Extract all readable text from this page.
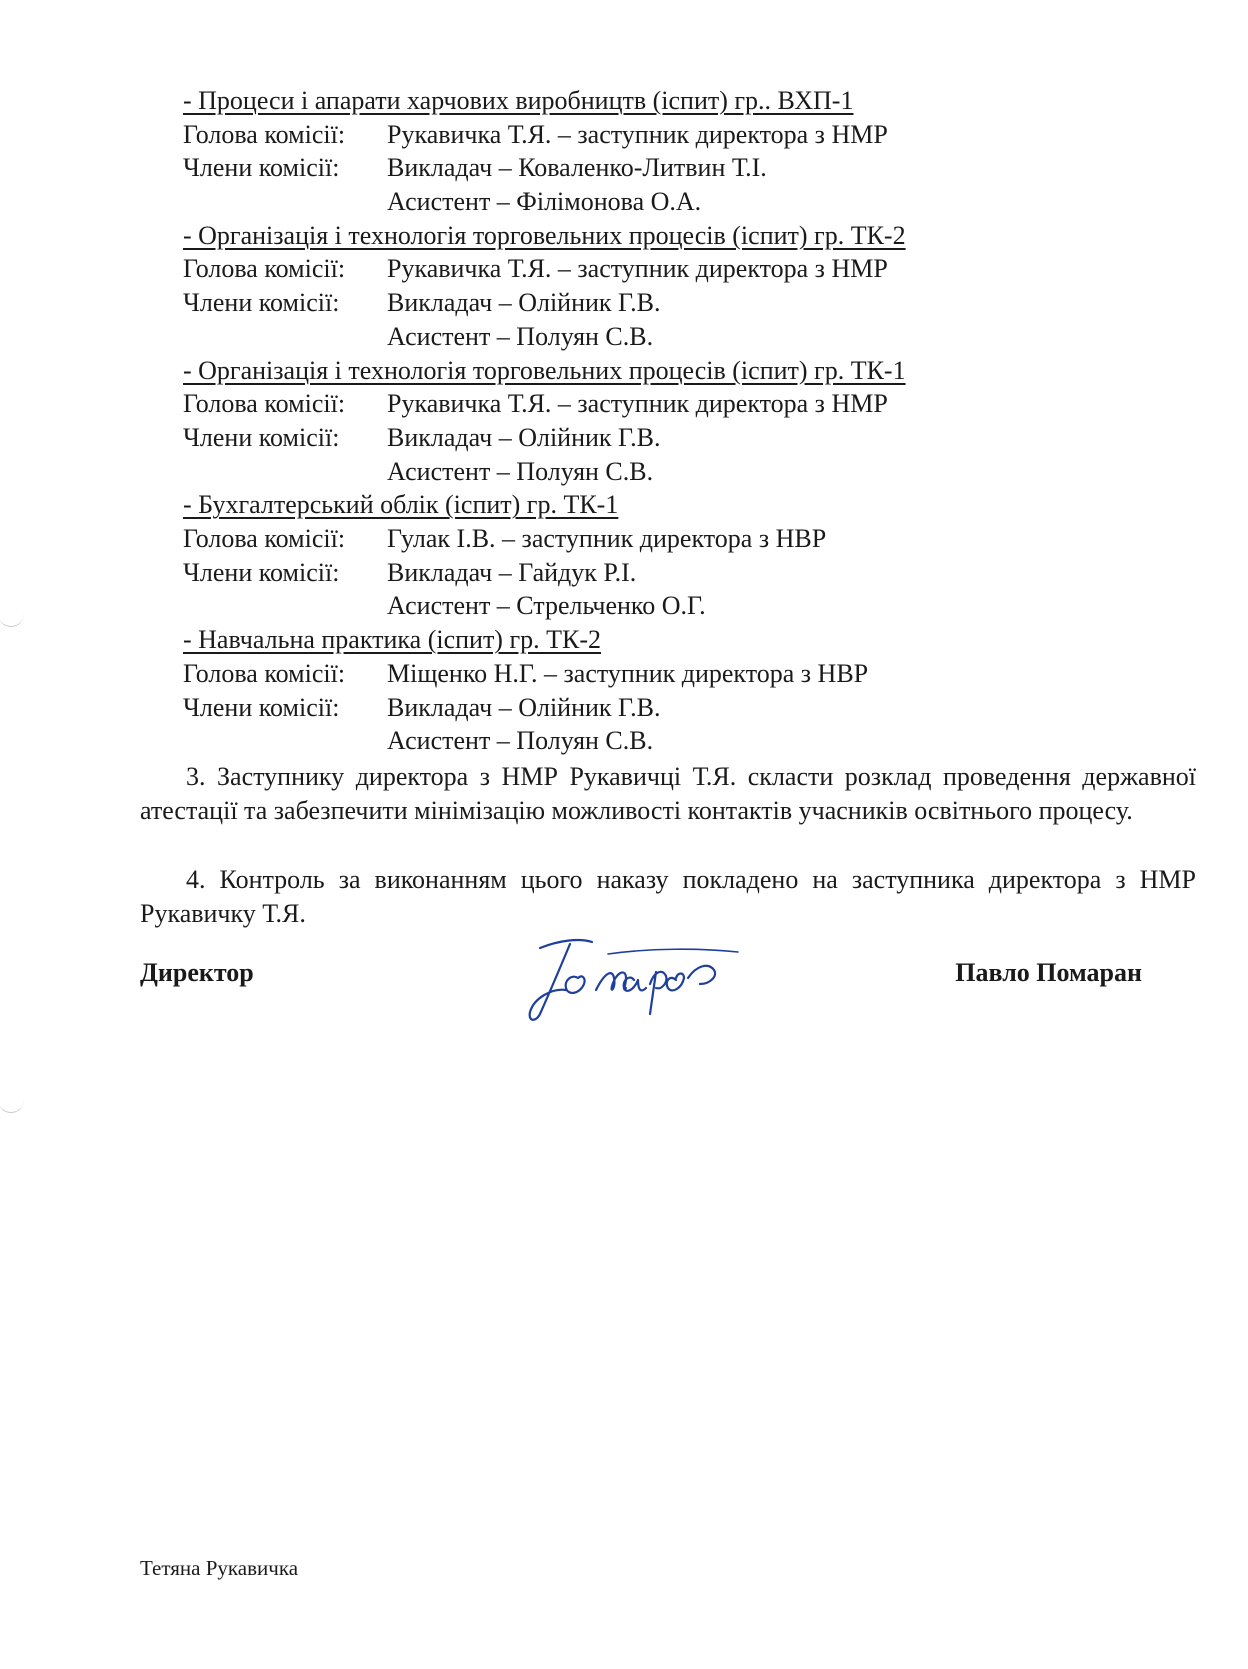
- Процеси і апарати харчових виробництв (іспит) гр.. ВХП-1
Голова комісії: Рукавичка Т.Я. – заступник директора з НМР
Члени комісії: Викладач – Коваленко-Литвин Т.І.
Асистент – Філімонова О.А.
- Організація і технологія торговельних процесів (іспит) гр. ТК-2
Голова комісії: Рукавичка Т.Я. – заступник директора з НМР
Члени комісії: Викладач – Олійник Г.В.
Асистент – Полуян С.В.
- Організація і технологія торговельних процесів (іспит) гр. ТК-1
Голова комісії: Рукавичка Т.Я. – заступник директора з НМР
Члени комісії: Викладач – Олійник Г.В.
Асистент – Полуян С.В.
- Бухгалтерський облік (іспит) гр. ТК-1
Голова комісії: Гулак І.В. – заступник директора з НВР
Члени комісії: Викладач – Гайдук Р.І.
Асистент – Стрельченко О.Г.
- Навчальна практика (іспит) гр. ТК-2
Голова комісії: Міщенко Н.Г. – заступник директора з НВР
Члени комісії: Викладач – Олійник Г.В.
Асистент – Полуян С.В.
3. Заступнику директора з НМР Рукавичці Т.Я. скласти розклад проведення державної атестації та забезпечити мінімізацію можливості контактів учасників освітнього процесу.
4. Контроль за виконанням цього наказу покладено на заступника директора з НМР Рукавичку Т.Я.
Директор	Павло Помаран
Тетяна Рукавичка
